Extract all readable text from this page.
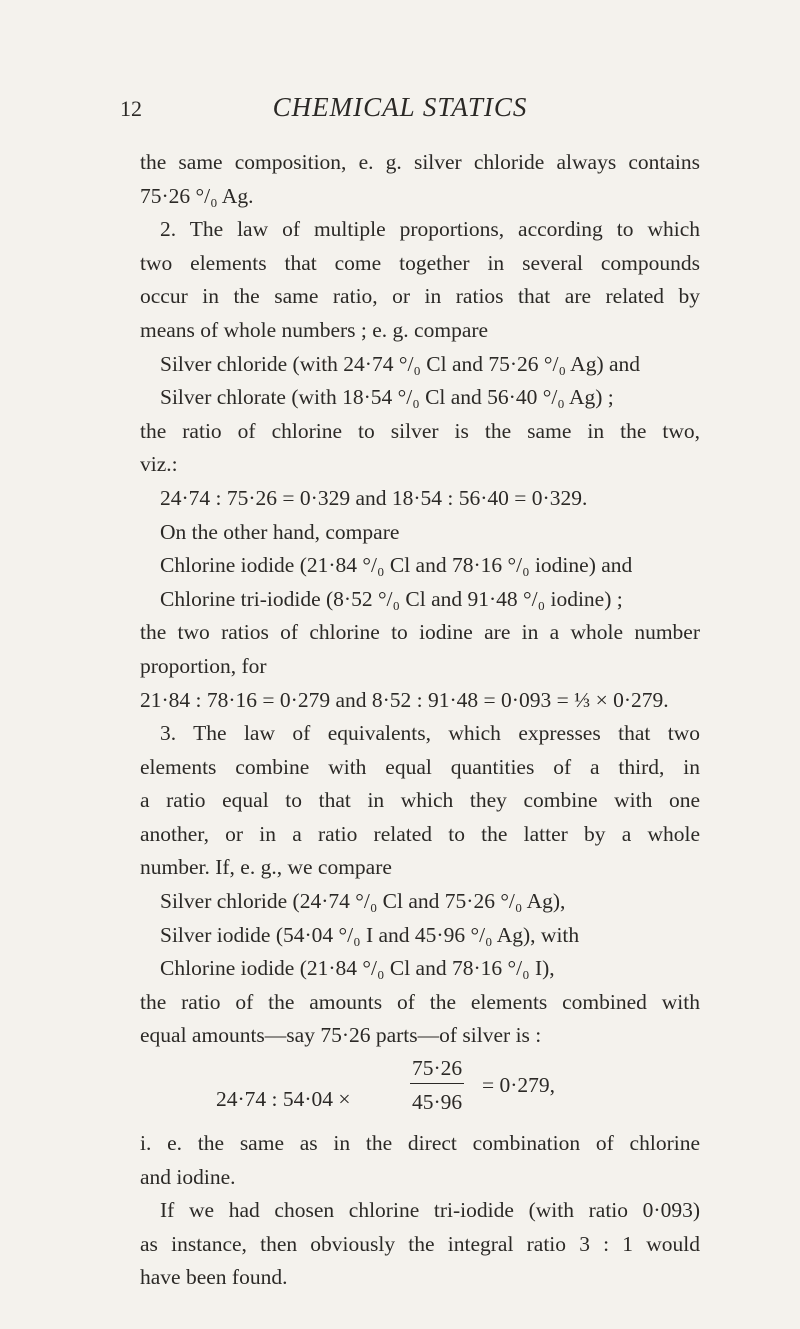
12	CHEMICAL STATICS
the same composition, e. g. silver chloride always contains
75·26 °/₀ Ag.
2. The law of multiple proportions, according to which
two elements that come together in several compounds
occur in the same ratio, or in ratios that are related by
means of whole numbers ; e. g. compare
Silver chloride (with 24·74 °/₀ Cl and 75·26 °/₀ Ag) and
Silver chlorate (with 18·54 °/₀ Cl and 56·40 °/₀ Ag) ;
the ratio of chlorine to silver is the same in the two,
viz.:
24·74 : 75·26 = 0·329 and 18·54 : 56·40 = 0·329.
On the other hand, compare
Chlorine iodide (21·84 °/₀ Cl and 78·16 °/₀ iodine) and
Chlorine tri-iodide (8·52 °/₀ Cl and 91·48 °/₀ iodine) ;
the two ratios of chlorine to iodine are in a whole number
proportion, for
21·84 : 78·16 = 0·279 and 8·52 : 91·48 = 0·093 = ⅓ × 0·279.
3. The law of equivalents, which expresses that two
elements combine with equal quantities of a third, in
a ratio equal to that in which they combine with one
another, or in a ratio related to the latter by a whole
number. If, e. g., we compare
Silver chloride (24·74 °/₀ Cl and 75·26 °/₀ Ag),
Silver iodide (54·04 °/₀ I and 45·96 °/₀ Ag), with
Chlorine iodide (21·84 °/₀ Cl and 78·16 °/₀ I),
the ratio of the amounts of the elements combined with
equal amounts—say 75·26 parts—of silver is :
24·74 : 54·04 ×
75·26
45·96
= 0·279,
i. e. the same as in the direct combination of chlorine
and iodine.
If we had chosen chlorine tri-iodide (with ratio 0·093)
as instance, then obviously the integral ratio 3 : 1 would
have been found.
